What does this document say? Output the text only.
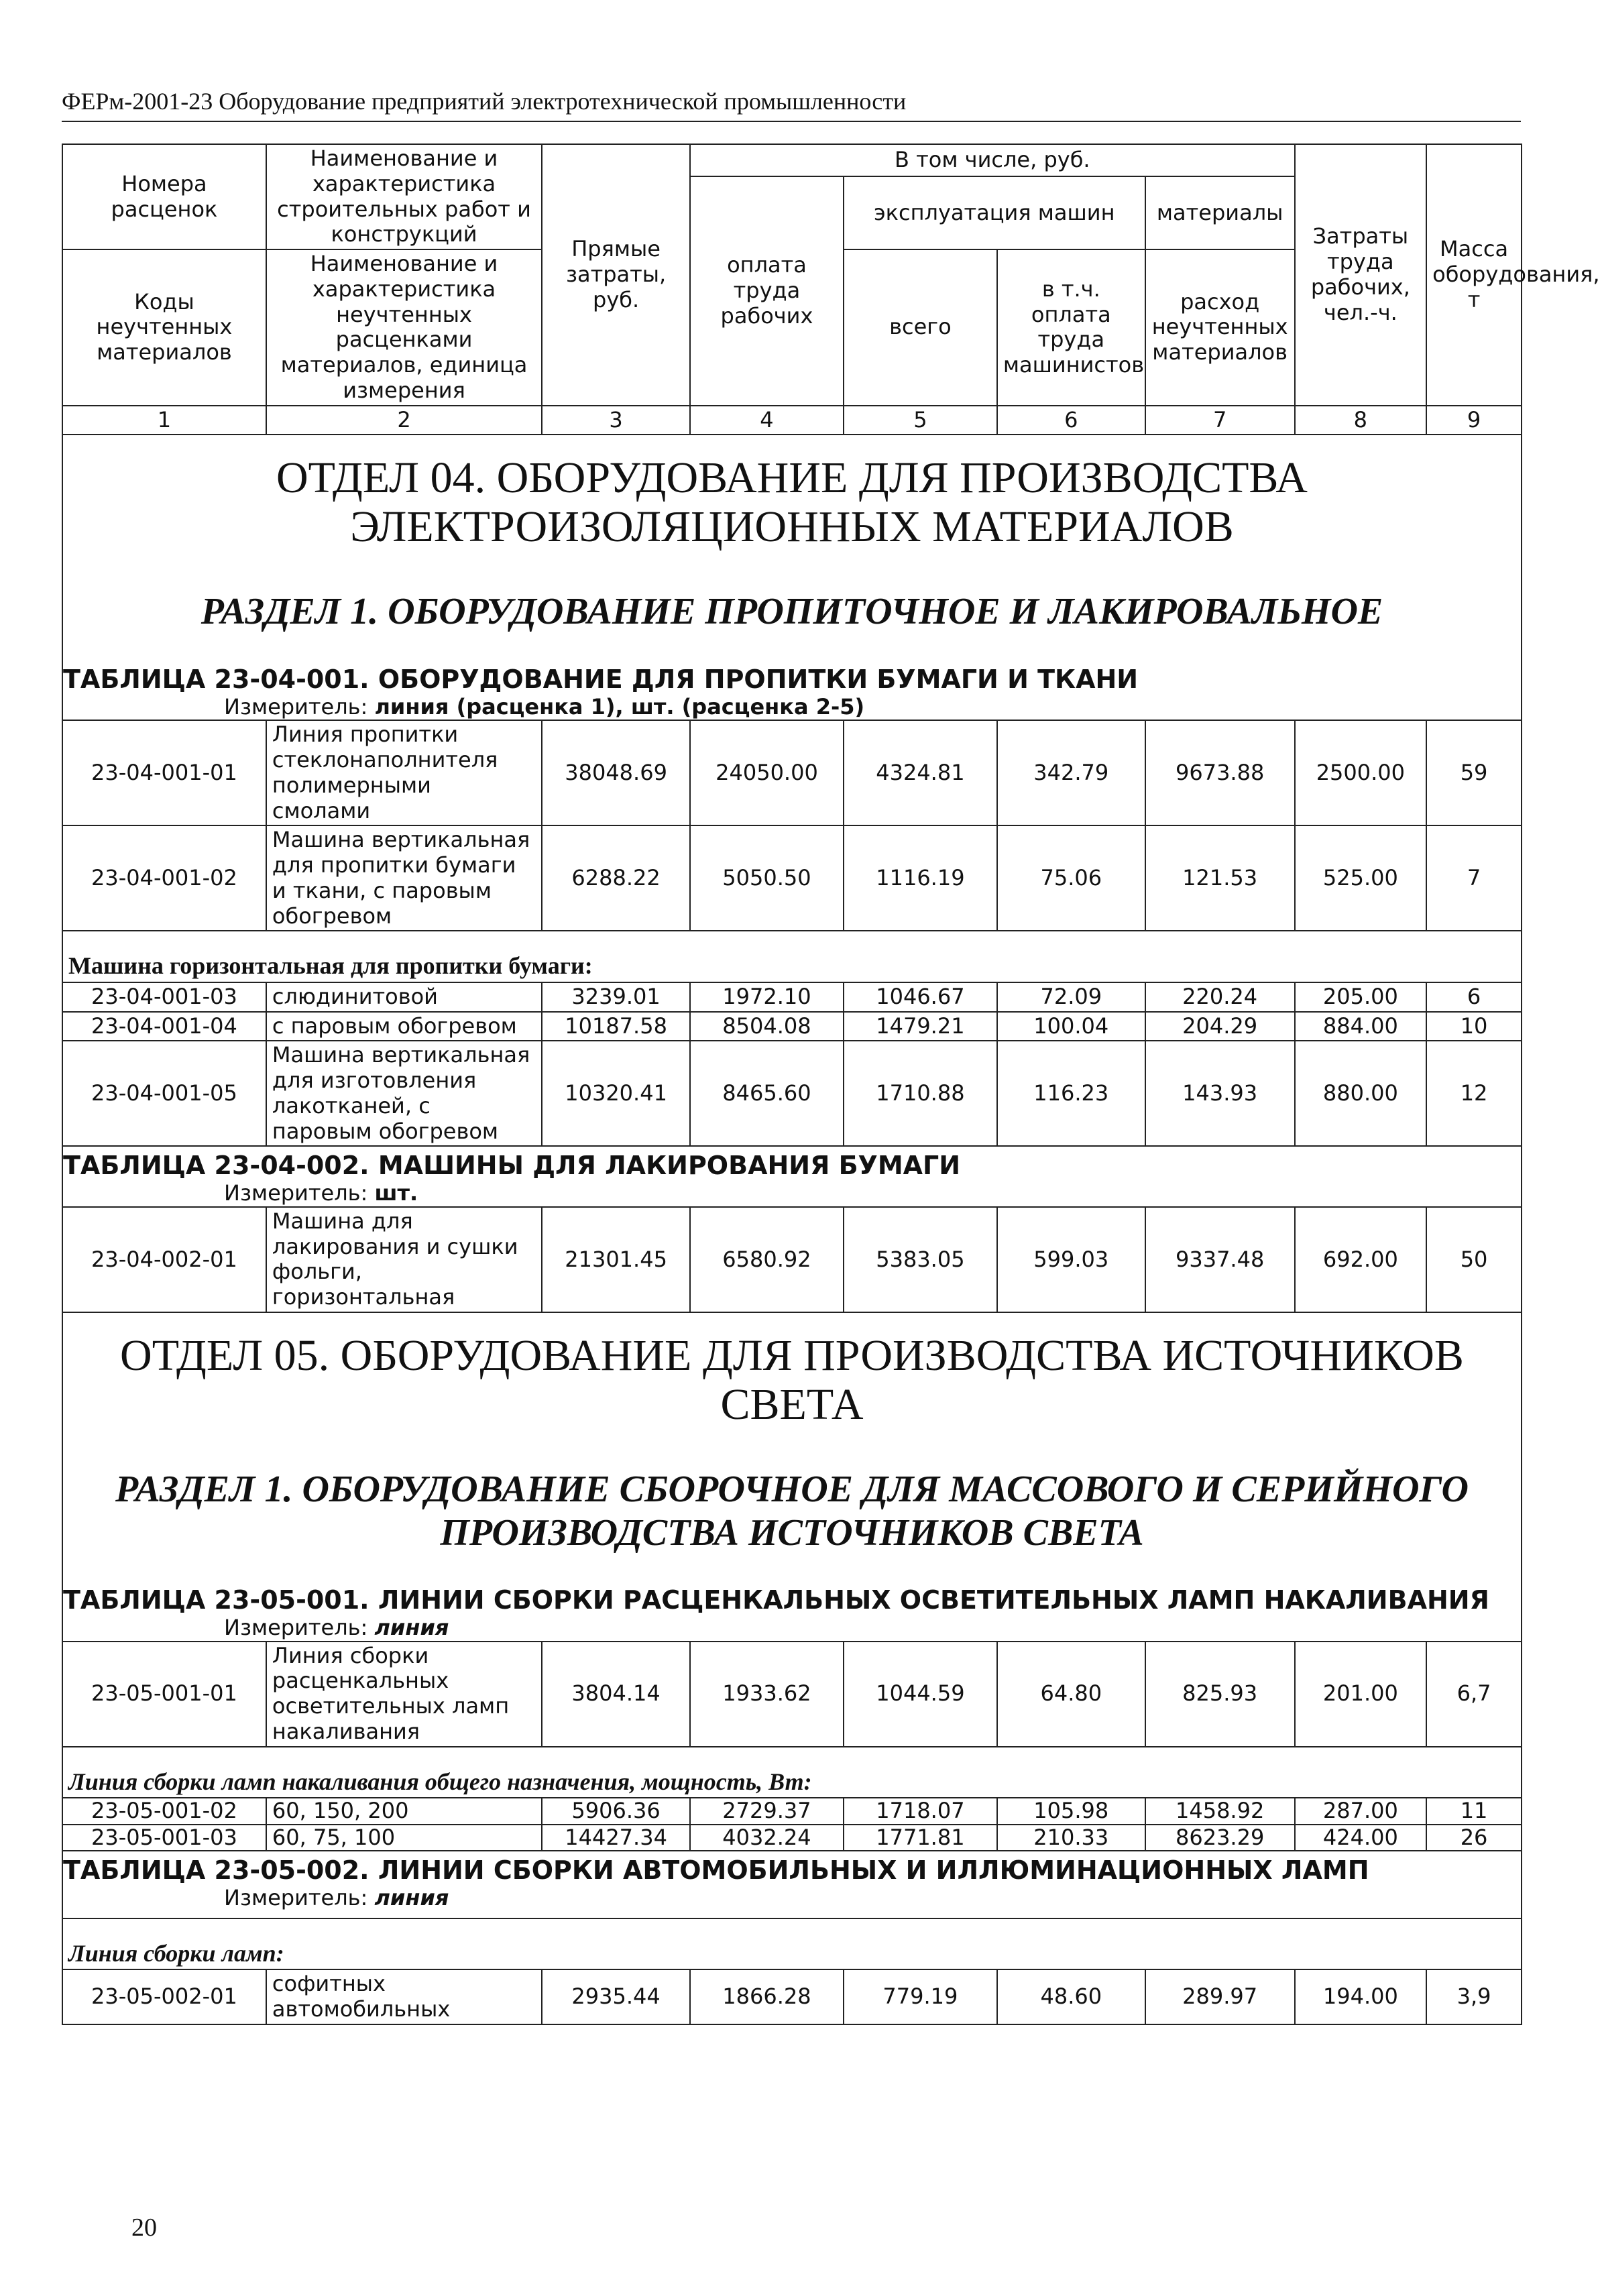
ФЕРм-2001-23 Оборудование предприятий электротехнической промышленности
Номера расценок	Наименование и характеристика строительных работ и конструкций	Прямые затраты, руб.	В том числе, руб.				Затраты труда рабочих, чел.-ч.	Масса оборудования, т
			оплата труда рабочих	эксплуатация машин		материалы		

Коды неучтенных материалов	Наименование и характеристика неучтенных расценками материалов, единица измерения			всего	в т.ч. оплата труда машинистов	расход неучтенных материалов		

1	2	3	4	5	6	7	8	9

ОТДЕЛ 04. ОБОРУДОВАНИЕ ДЛЯ ПРОИЗВОДСТВА ЭЛЕКТРОИЗОЛЯЦИОННЫХ МАТЕРИАЛОВ
РАЗДЕЛ 1. ОБОРУДОВАНИЕ ПРОПИТОЧНОЕ И ЛАКИРОВАЛЬНОЕ
ТАБЛИЦА 23-04-001. ОБОРУДОВАНИЕ ДЛЯ ПРОПИТКИ БУМАГИ И ТКАНИ
Измеритель: линия (расценка 1), шт. (расценка 2-5)								

23-04-001-01	Линия пропитки стеклонаполнителя полимерными смолами	38048.69	24050.00	4324.81	342.79	9673.88	2500.00	59
23-04-001-02	Машина вертикальная для пропитки бумаги и ткани, с паровым обогревом	6288.22	5050.50	1116.19	75.06	121.53	525.00	7
Машина горизонтальная для пропитки бумаги:								
23-04-001-03	слюдинитовой	3239.01	1972.10	1046.67	72.09	220.24	205.00	6
23-04-001-04	с паровым обогревом	10187.58	8504.08	1479.21	100.04	204.29	884.00	10
23-04-001-05	Машина вертикальная для изготовления лакотканей, с паровым обогревом	10320.41	8465.60	1710.88	116.23	143.93	880.00	12

ТАБЛИЦА 23-04-002. МАШИНЫ ДЛЯ ЛАКИРОВАНИЯ БУМАГИ
Измеритель: шт.								

23-04-002-01	Машина для лакирования и сушки фольги, горизонтальная	21301.45	6580.92	5383.05	599.03	9337.48	692.00	50

ОТДЕЛ 05. ОБОРУДОВАНИЕ ДЛЯ ПРОИЗВОДСТВА ИСТОЧНИКОВ СВЕТА
РАЗДЕЛ 1. ОБОРУДОВАНИЕ СБОРОЧНОЕ ДЛЯ МАССОВОГО И СЕРИЙНОГО ПРОИЗВОДСТВА ИСТОЧНИКОВ СВЕТА
ТАБЛИЦА 23-05-001. ЛИНИИ СБОРКИ РАСЦЕНКАЛЬНЫХ ОСВЕТИТЕЛЬНЫХ ЛАМП НАКАЛИВАНИЯ
Измеритель: линия								

23-05-001-01	Линия сборки расценкальных осветительных ламп накаливания	3804.14	1933.62	1044.59	64.80	825.93	201.00	6,7
Линия сборки ламп накаливания общего назначения, мощность, Вт:								
23-05-001-02	60, 150, 200	5906.36	2729.37	1718.07	105.98	1458.92	287.00	11
23-05-001-03	60, 75, 100	14427.34	4032.24	1771.81	210.33	8623.29	424.00	26

ТАБЛИЦА 23-05-002. ЛИНИИ СБОРКИ АВТОМОБИЛЬНЫХ И ИЛЛЮМИНАЦИОННЫХ ЛАМП
Измеритель: линия								

Линия сборки ламп:								
23-05-002-01	софитных автомобильных	2935.44	1866.28	779.19	48.60	289.97	194.00	3,9
20
